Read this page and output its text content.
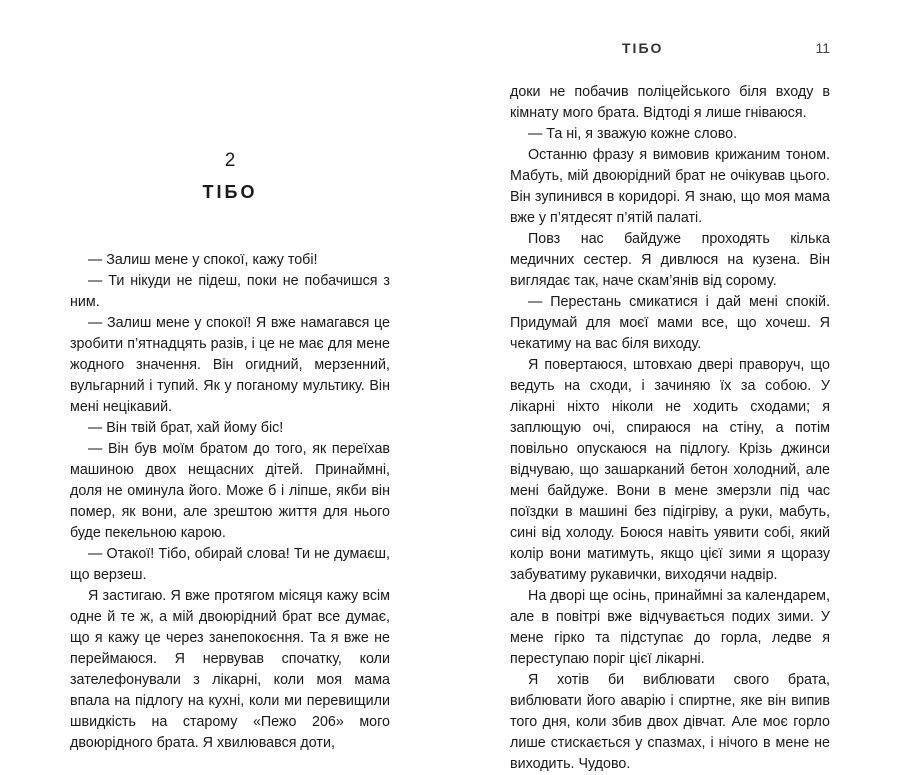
ТІБО	11
2
ТІБО

— Залиш мене у спокої, кажу тобі!

— Ти нікуди не підеш, поки не побачишся з ним.

— Залиш мене у спокої! Я вже намагався це зробити п’ятнадцять разів, і це не має для мене жодного значення. Він огидний, мерзенний, вульгарний і тупий. Як у поганому мультику. Він мені нецікавий.

— Він твій брат, хай йому біс!

— Він був моїм братом до того, як переїхав машиною двох нещасних дітей. Принаймні, доля не оминула його. Може б і ліпше, якби він помер, як вони, але зрештою життя для нього буде пекельною карою.

— Отакої! Тібо, обирай слова! Ти не думаєш, що верзеш.

Я застигаю. Я вже протягом місяця кажу всім одне й те ж, а мій двоюрідний брат все думає, що я кажу це через занепокоєння. Та я вже не переймаюся. Я нервував спочатку, коли зателефонували з лікарні, коли моя мама впала на підлогу на кухні, коли ми перевищили швидкість на старому «Пежо 206» мого двоюрідного брата. Я хвилювався доти,

доки не побачив поліцейського біля входу в кімнату мого брата. Відтоді я лише гніваюся.

— Та ні, я зважую кожне слово.

Останню фразу я вимовив крижаним тоном. Мабуть, мій двоюрідний брат не очікував цього. Він зупинився в коридорі. Я знаю, що моя мама вже у п’ятдесят п’ятій палаті.

Повз нас байдуже проходять кілька медичних сестер. Я дивлюся на кузена. Він виглядає так, наче скам’янів від сорому.

— Перестань смикатися і дай мені спокій. Придумай для моєї мами все, що хочеш. Я чекатиму на вас біля виходу.

Я повертаюся, штовхаю двері праворуч, що ведуть на сходи, і зачиняю їх за собою. У лікарні ніхто ніколи не ходить сходами; я заплющую очі, спираюся на стіну, а потім повільно опускаюся на підлогу. Крізь джинси відчуваю, що зашарканий бетон холодний, але мені байдуже. Вони в мене змерзли під час поїздки в машині без підігріву, а руки, мабуть, сині від холоду. Боюся навіть уявити собі, який колір вони матимуть, якщо цієї зими я щоразу забуватиму рукавички, виходячи надвір.

На дворі ще осінь, принаймні за календарем, але в повітрі вже відчувається подих зими. У мене гірко та підступає до горла, ледве я переступаю поріг цієї лікарні.

Я хотів би виблювати свого брата, виблювати його аварію і спиртне, яке він випив того дня, коли збив двох дівчат. Але моє горло лише стискається у спазмах, і нічого в мене не виходить. Чудово.
